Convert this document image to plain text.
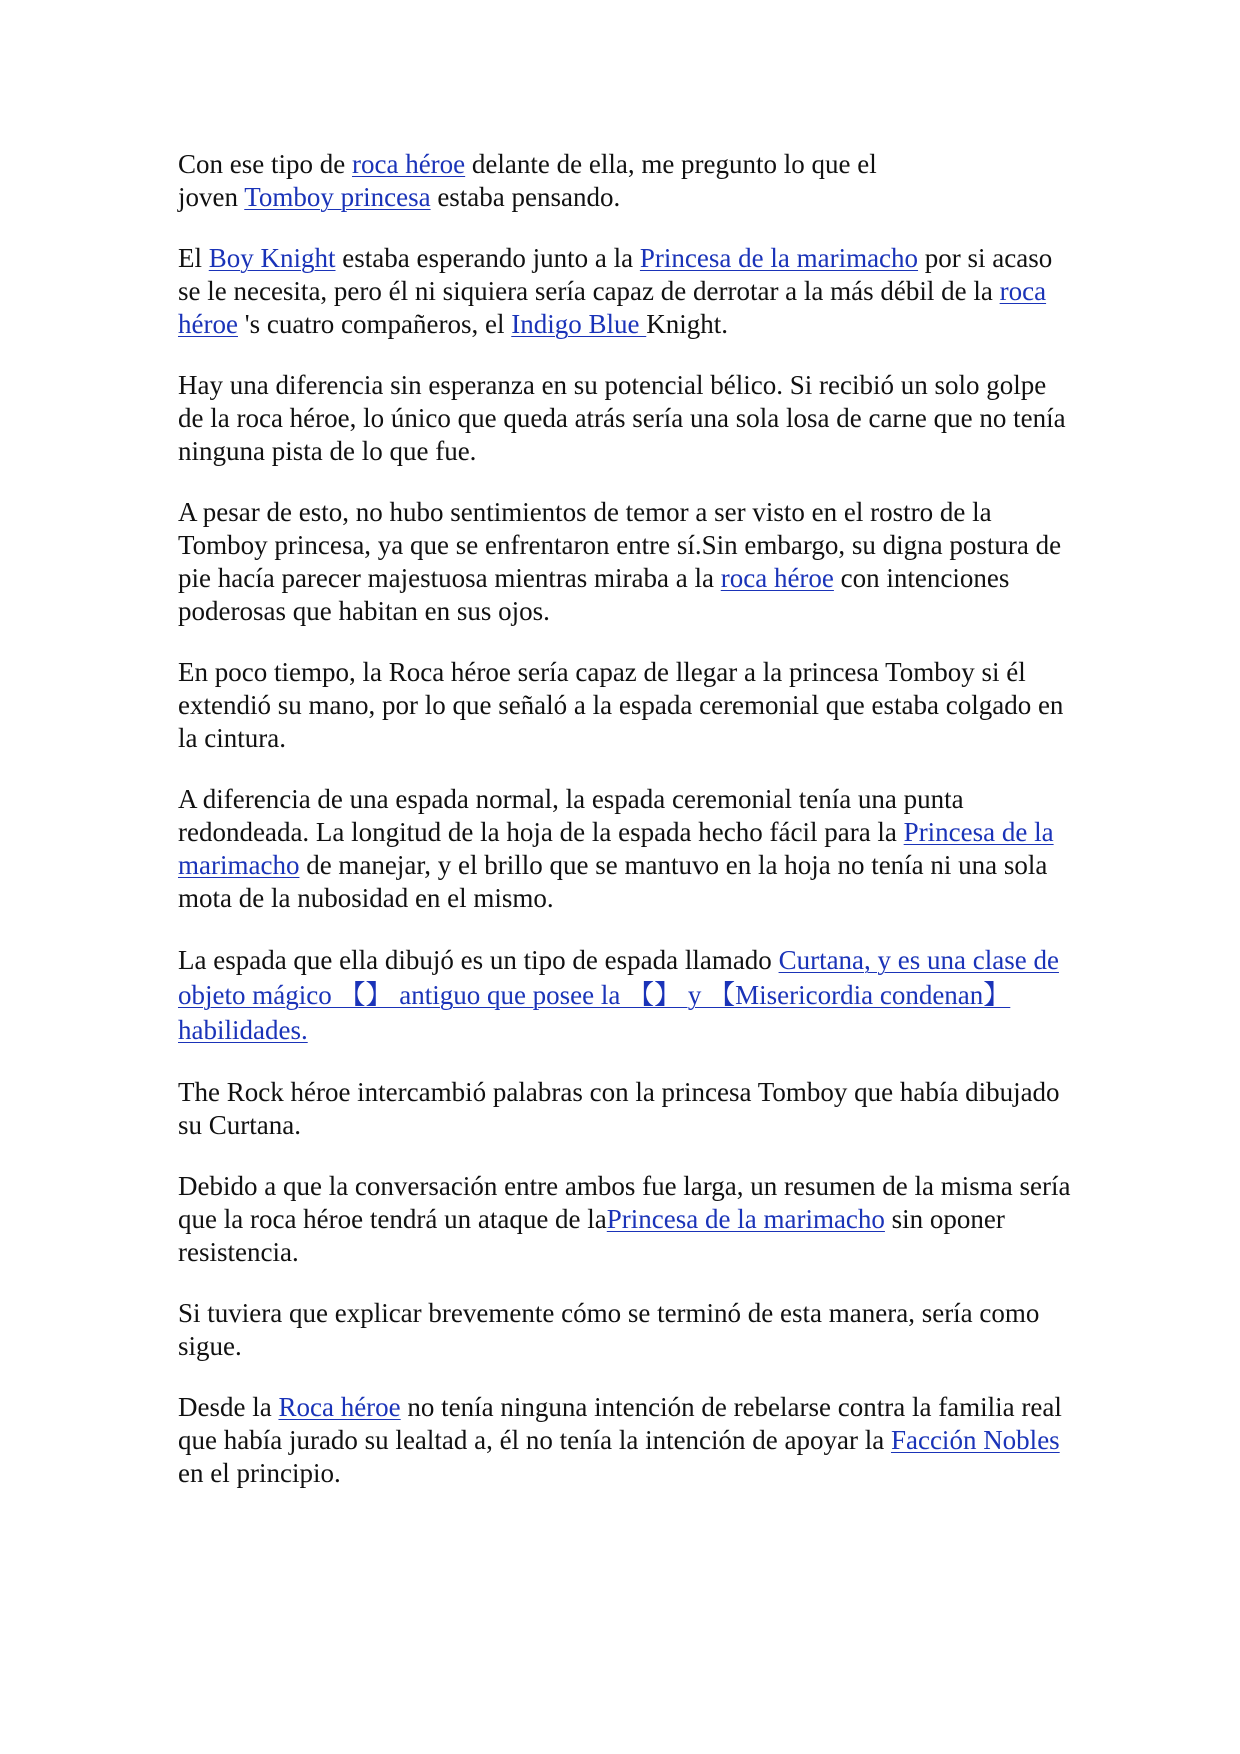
Con ese tipo de roca héroe delante de ella, me pregunto lo que el
joven Tomboy princesa estaba pensando.

El Boy Knight estaba esperando junto a la Princesa de la marimacho por si acaso se le necesita, pero él ni siquiera sería capaz de derrotar a la más débil de la roca héroe 's cuatro compañeros, el Indigo Blue Knight.

Hay una diferencia sin esperanza en su potencial bélico. Si recibió un solo golpe de la roca héroe, lo único que queda atrás sería una sola losa de carne que no tenía ninguna pista de lo que fue.

A pesar de esto, no hubo sentimientos de temor a ser visto en el rostro de la Tomboy princesa, ya que se enfrentaron entre sí.Sin embargo, su digna postura de pie hacía parecer majestuosa mientras miraba a la roca héroe con intenciones poderosas que habitan en sus ojos.

En poco tiempo, la Roca héroe sería capaz de llegar a la princesa Tomboy si él extendió su mano, por lo que señaló a la espada ceremonial que estaba colgado en la cintura.

A diferencia de una espada normal, la espada ceremonial tenía una punta redondeada. La longitud de la hoja de la espada hecho fácil para la Princesa de la marimacho de manejar, y el brillo que se mantuvo en la hoja no tenía ni una sola mota de la nubosidad en el mismo.

La espada que ella dibujó es un tipo de espada llamado Curtana, y es una clase de objeto mágico 【】 antiguo que posee la 【】 y 【Misericordia condenan】 habilidades.

The Rock héroe intercambió palabras con la princesa Tomboy que había dibujado su Curtana.

Debido a que la conversación entre ambos fue larga, un resumen de la misma sería que la roca héroe tendrá un ataque de laPrincesa de la marimacho sin oponer resistencia.

Si tuviera que explicar brevemente cómo se terminó de esta manera, sería como sigue.

Desde la Roca héroe no tenía ninguna intención de rebelarse contra la familia real que había jurado su lealtad a, él no tenía la intención de apoyar la Facción Nobles en el principio.
